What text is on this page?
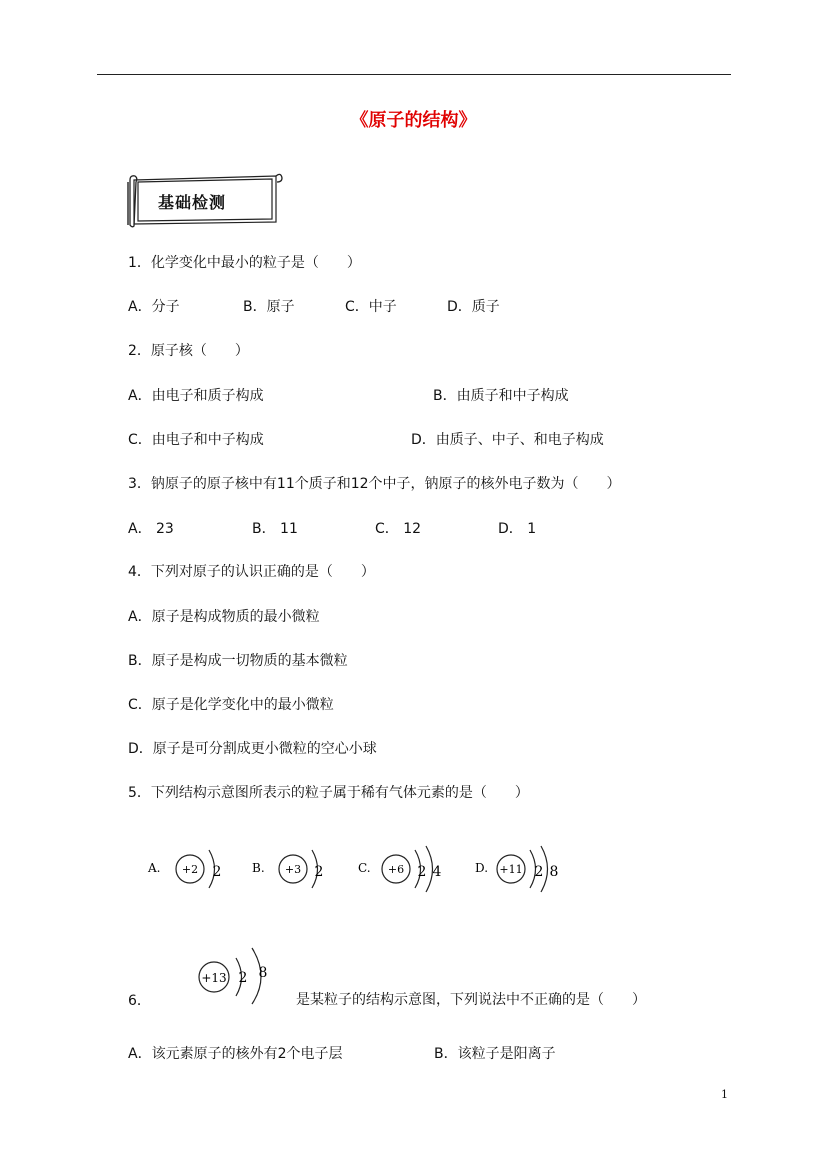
《原子的结构》
基础检测
1．化学变化中最小的粒子是（　　）
A．分子	B．原子	C．中子	D．质子
2．原子核（　　）
A．由电子和质子构成	B．由质子和中子构成
C．由电子和中子构成	D．由质子、中子、和电子构成
3．钠原子的原子核中有11个质子和12个中子，钠原子的核外电子数为（　　）
A． 23	B． 11	C． 12	D． 1
4．下列对原子的认识正确的是（　　）
A．原子是构成物质的最小微粒
B．原子是构成一切物质的基本微粒
C．原子是化学变化中的最小微粒
D．原子是可分割成更小微粒的空心小球
5．下列结构示意图所表示的粒子属于稀有气体元素的是（　　）
A. +2 2	B. +3 2	C. +6 2 4	D. +11 2 8
6．
+13 2 8
是某粒子的结构示意图，下列说法中不正确的是（　　）
A．该元素原子的核外有2个电子层	B．该粒子是阳离子
1
